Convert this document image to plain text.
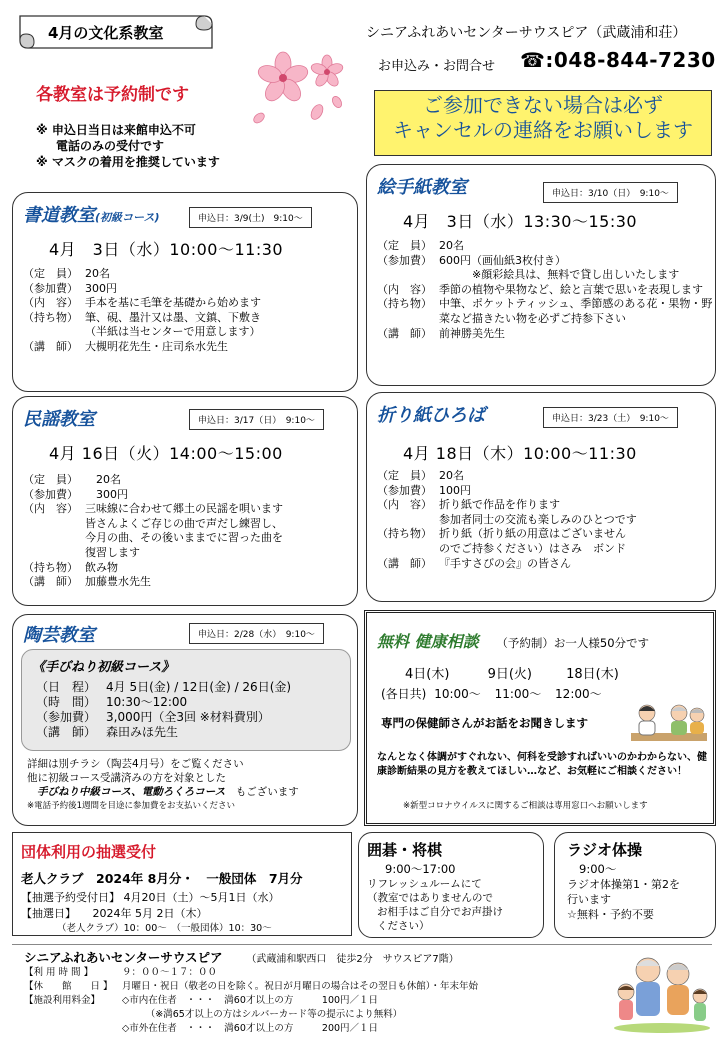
4月の文化系教室
各教室は予約制です
※ 申込日当日は来館申込不可
電話のみの受付です
※ マスクの着用を推奨しています
シニアふれあいセンターサウスピア（武蔵浦和荘）
お申込み・お問合せ ☎:048-844-7230
ご参加できない場合は必ず
キャンセルの連絡をお願いします
書道教室(初級コース)	申込日：3/9(土)　9:10～
4月　3日（水）10:00～11:30
（定　員） 20名
（参加費） 300円
（内　容） 手本を基に毛筆を基礎から始めます
（持ち物） 筆、硯、墨汁又は墨、文鎮、下敷き
（半紙は当センターで用意します）
（講　師） 大槻明花先生・庄司糸水先生
絵手紙教室	申込日：3/10（日）　9:10～
4月　3日（水）13:30～15:30
（定　員） 20名
（参加費） 600円（画仙紙3枚付き）
　　　※顔彩絵具は、無料で貸し出しいたします
（内　容） 季節の植物や果物など、絵と言葉で思いを表現します
（持ち物） 中筆、ポケットティッシュ、季節感のある花・果物・野菜など描きたい物を必ずご持参下さい
（講　師） 前神勝美先生
民謡教室	申込日：3/17（日）　9:10～
4月 16日（火）14:00～15:00
（定　員） 　20名
（参加費） 　300円
（内　容） 三味線に合わせて郷土の民謡を唄います
皆さんよくご存じの曲で声だし練習し、
今月の曲、その後いままでに習った曲を
復習します
（持ち物） 飲み物
（講　師） 加藤豊水先生
折り紙ひろば	申込日：3/23（土）　9:10～
4月 18日（木）10:00～11:30
（定　員） 20名
（参加費） 100円
（内　容） 折り紙で作品を作ります
参加者同士の交流も楽しみのひとつです
（持ち物） 折り紙（折り紙の用意はございません
のでご持参ください）はさみ　ボンド
（講　師） 『手すさびの会』の皆さん
陶芸教室	申込日：2/28（水）　9:10～
《手びねり初級コース》
（日　程） 4月 5日(金) / 12日(金) / 26日(金)
（時　間） 10:30～12:00
（参加費） 3,000円（全3回 ※材料費別）
（講　師） 森田みほ先生
詳細は別チラシ（陶芸4月号）をご覧ください
他に初級コース受講済みの方を対象とした
手びねり中級コース、電動ろくろコース　 もございます
※電話予約後1週間を目途に参加費をお支払いください
無料 健康相談 （予約制）お一人様50分です
4日(木)	9日(火)	18日(木)
(各日共) 10:00～ 11:00～ 12:00～
専門の保健師さんがお話をお聞きします
なんとなく体調がすぐれない、何科を受診すればいいのかわからない、健康診断結果の見方を教えてほしい…など、お気軽にご相談ください！
※新型コロナウイルスに関するご相談は専用窓口へお願いします
団体利用の抽選受付
老人クラブ　2024年 8月分・　一般団体　7月分
【抽選予約受付日】 4月20日（土）～5月1日（水）
【抽選日】　　2024年 5月 2日（木）
（老人クラブ）10：00～　（一般団体）10：30～
囲碁・将棋
9:00～17:00
リフレッシュルームにて
（教室ではありませんので
お相手はご自分でお声掛け
ください）
ラジオ体操
9:00～
ラジオ体操第1・第2を
行います
☆無料・予約不要
シニアふれあいセンターサウスピア （武蔵浦和駅西口　徒歩2分　サウスピア7階）
【利 用 時 間 】	９：００～１７：００
【休　　館　　日 】 月曜日・祝日（敬老の日を除く。祝日が月曜日の場合はその翌日も休館）・年末年始
【施設利用料金】	◇市内在住者　・・・　満60才以上の方　　　100円／１日
　　　（※満65才以上の方はシルバーカード等の提示により無料）
◇市外在住者　・・・　満60才以上の方　　　200円／１日
